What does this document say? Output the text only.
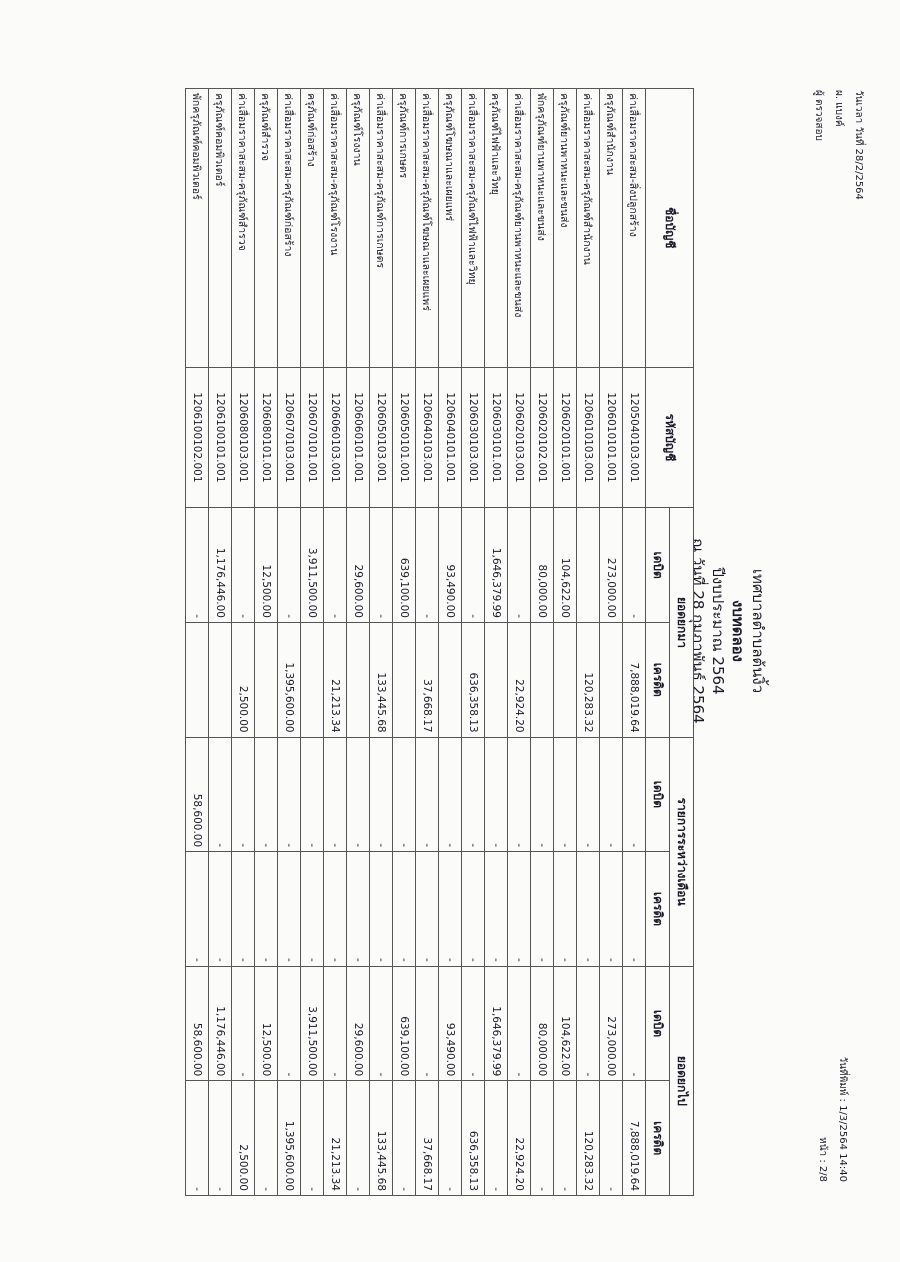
วันเวลา วันที่ 28/2/2564
ผ. แบงค์
ผู้ ตรวจสอบ
วันที่พิมพ์ : 1/3/2564 14:40
หน้า : 2/8
เทศบาลตำบลต้นงิ้ว
งบทดลอง
ปีงบประมาณ 2564
ณ วันที่ 28 กุมภาพันธ์ 2564
ชื่อบัญชี	รหัสบัญชี	ยอดยกมา		รายการระหว่างเดือน		ยอดยกไป	
		เดบิต	เครดิต	เดบิต	เครดิต	เดบิต	เครดิต
ค่าเสื่อมราคาสะสม-สิ่งปลูกสร้าง	1205040103.001	-	7,888,019.64	-	-	-	7,888,019.64
ครุภัณฑ์สำนักงาน	1206010101.001	273,000.00		-	-	273,000.00	-
ค่าเสื่อมราคาสะสม-ครุภัณฑ์สำนักงาน	1206010103.001		120,283.32	-	-	-	120,283.32
ครุภัณฑ์ยานพาหนะและขนส่ง	1206020101.001	104,622.00		-	-	104,622.00	-
พักครุภัณฑ์ยานพาหนะและขนส่ง	1206020102.001	80,000.00		-	-	80,000.00	-
ค่าเสื่อมราคาสะสม-ครุภัณฑ์ยานพาหนะและขนส่ง	1206020103.001	-	22,924.20	-	-	-	22,924.20
ครุภัณฑ์ไฟฟ้าและวิทยุ	1206030101.001	1,646,379.99		-	-	1,646,379.99	-
ค่าเสื่อมราคาสะสม-ครุภัณฑ์ไฟฟ้าและวิทยุ	1206030103.001	-	636,358.13	-	-	-	636,358.13
ครุภัณฑ์โฆษณาและเผยแพร่	1206040101.001	93,490.00		-	-	93,490.00	-
ค่าเสื่อมราคาสะสม-ครุภัณฑ์โฆษณาและเผยแพร่	1206040103.001	-	37,668.17	-	-	-	37,668.17
ครุภัณฑ์การเกษตร	1206050101.001	639,100.00		-	-	639,100.00	-
ค่าเสื่อมราคาสะสม-ครุภัณฑ์การเกษตร	1206050103.001	-	133,445.68	-	-	-	133,445.68
ครุภัณฑ์โรงงาน	1206060101.001	29,600.00		-	-	29,600.00	-
ค่าเสื่อมราคาสะสม-ครุภัณฑ์โรงงาน	1206060103.001	-	21,213.34	-	-	-	21,213.34
ครุภัณฑ์ก่อสร้าง	1206070101.001	3,911,500.00		-	-	3,911,500.00	-
ค่าเสื่อมราคาสะสม-ครุภัณฑ์ก่อสร้าง	1206070103.001	-	1,395,600.00	-	-	-	1,395,600.00
ครุภัณฑ์สำรวจ	1206080101.001	12,500.00		-	-	12,500.00	-
ค่าเสื่อมราคาสะสม-ครุภัณฑ์สำรวจ	1206080103.001	-	2,500.00	-	-	-	2,500.00
ครุภัณฑ์คอมพิวเตอร์	1206100101.001	1,176,446.00		-	-	1,176,446.00	-
พักครุภัณฑ์คอมพิวเตอร์	1206100102.001	-		58,600.00	-	58,600.00	-
